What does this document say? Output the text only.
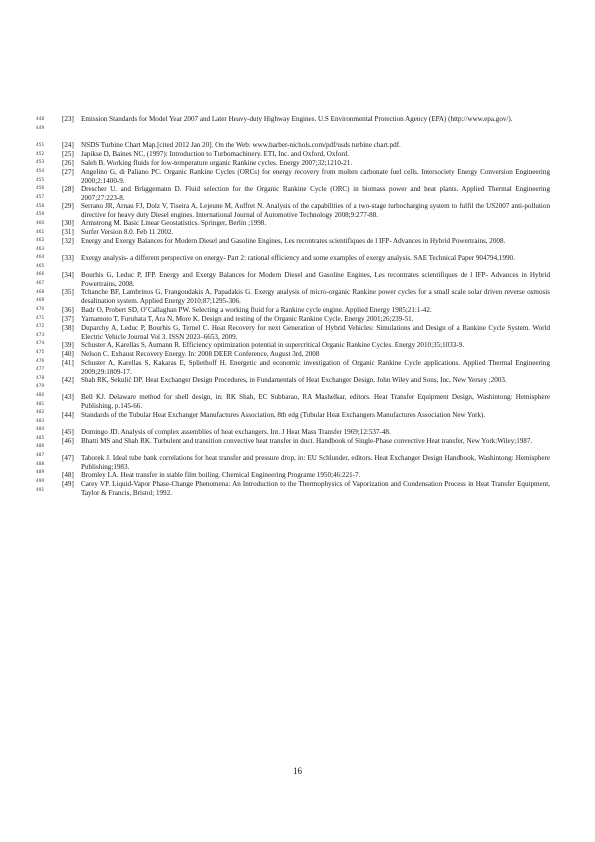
448
449
451
452
453
454
455
456
457
458
459
460
461
462
463
464
465
466
467
468
469
470
471
472
473
474
475
476
477
478
479
480
481
482
483
484
485
486
487
488
489
490
491
[23] Emission Standards for Model Year 2007 and Later Heavy-duty Highway Engines. U.S Environmental Protection Agency (EPA) (http://www.epa.gov/).
[24] NSDS Turbine Chart Map.[cited 2012 Jan 20]. On the Web: www.barber-nichols.com/pdf/nsds turbine chart.pdf.
[25] Japikse D, Baines NC, (1997): Introduction to Turbomachinery. ETI, Inc. and Oxford, Oxford.
[26] Saleh B. Working fluids for low-temperature organic Rankine cycles. Energy 2007;32;1210-21.
[27] Angelino G, di Paliano PC. Organic Rankine Cycles (ORCs) for energy recovery from molten carbonate fuel cells. Intersociety Energy Conversion Engineering 2000;2:1400-9.
[28] Drescher U. and Brüggemann D. Fluid selection for the Organic Rankine Cycle (ORC) in biomass power and heat plants. Applied Thermal Engineering 2007;27:223-8.
[29] Serrano JR, Arnau FJ, Dolz V, Tiseira A, Lejeune M, Auffret N. Analysis of the capabilities of a two-stage turbocharging system to fulfil the US2007 anti-pollution directive for heavy duty Diesel engines. International Journal of Automotive Technology 2008;9:277-88.
[30] Armstrong M. Basic Linear Geostatistics. Springer, Berlin ;1998.
[31] Surfer Version 8.0. Feb 11 2002.
[32] Energy and Exergy Balances for Modern Diesel and Gasoline Engines, Les recontrates scientifiques de l IFP- Advances in Hybrid Powertrains, 2008.
[33] Exergy analysis- a different perspective on energy- Part 2: rational efficiency and some examples of exergy analysis. SAE Technical Paper 904794,1990.
[34] Bourhis G, Leduc P, IFP. Energy and Exergy Balances for Modern Diesel and Gasoline Engines, Les recontrates scientifiques de l IFP- Advances in Hybrid Powertrains, 2008.
[35] Tchanche BF, Lambrinos G, Frangoudakis A, Papadakis G. Exergy analysis of micro-organic Rankine power cycles for a small scale solar driven reverse osmosis desalination system. Applied Energy 2010;87;1295-306.
[36] Badr O, Probert SD, O’Callaghan PW. Selecting a working fluid for a Rankine cycle engine. Applied Energy 1985;21:1-42.
[37] Yamamoto T, Furuhata T, Ara N, More K. Design and testing of the Organic Rankine Cycle. Energy 2001;26;239-51.
[38] Duparchy A, Leduc P, Bourhis G, Ternel C. Heat Recovery for next Generation of Hybrid Vehicles: Simulations and Design of a Rankine Cycle System. World Electric Vehicle Journal Vol 3. ISSN 2023–6653, 2009.
[39] Schuster A, Karellas S, Aumann R. Efficiency optimization potential in supercritical Organic Rankine Cycles. Energy 2010;35;1033-9.
[40] Nelson C. Exhaust Recovery Energy. In: 2008 DEER Conference, August 3rd, 2008
[41] Schuster A, Karellas S, Kakaras E, Spliethoff H. Energetic and economic investigation of Organic Rankine Cycle applications. Applied Thermal Engineering 2009;29:1809-17.
[42] Shah RK, Sekulić DP. Heat Exchanger Design Procedures, in Fundamentals of Heat Exchanger Design. John Wiley and Sons, Inc, New Yersey ;2003.
[43] Bell KJ. Delaware method for shell design, in: RK Shah, EC Subbarao, RA Mashelkar, editors. Heat Transfer Equipment Design, Washintong: Hemisphere Publishing, p.145-66.
[44] Standards of the Tubular Heat Exchanger Manufactures Association, 8th edg (Tubular Heat Exchangers Manufactures Association New York).
[45] Domingo JD. Analysis of complex assemblies of heat exchangers. Int. J Heat Mass Transfer 1969;12:537-48.
[46] Bhatti MS and Shah RK. Turbulent and transition convective heat transfer in duct. Handbook of Single-Phase convective Heat transfer, New York:Wiley;1987.
[47] Taborek J. Ideal tube bank correlations for heat transfer and pressure drop, in: EU Schlunder, editors. Heat Exchanger Design Handbook, Washintong: Hemisphere Publishing;1983.
[48] Bromley LA. Heat transfer in stable film boiling. Chemical Engineering Programe 1950;46:221-7.
[49] Carey VP. Liquid-Vapor Phase-Change Phenomena: An Introduction to the Thermophysics of Vaporization and Condensation Process in Heat Transfer Equipment, Taylor & Francis, Bristol; 1992.
16
